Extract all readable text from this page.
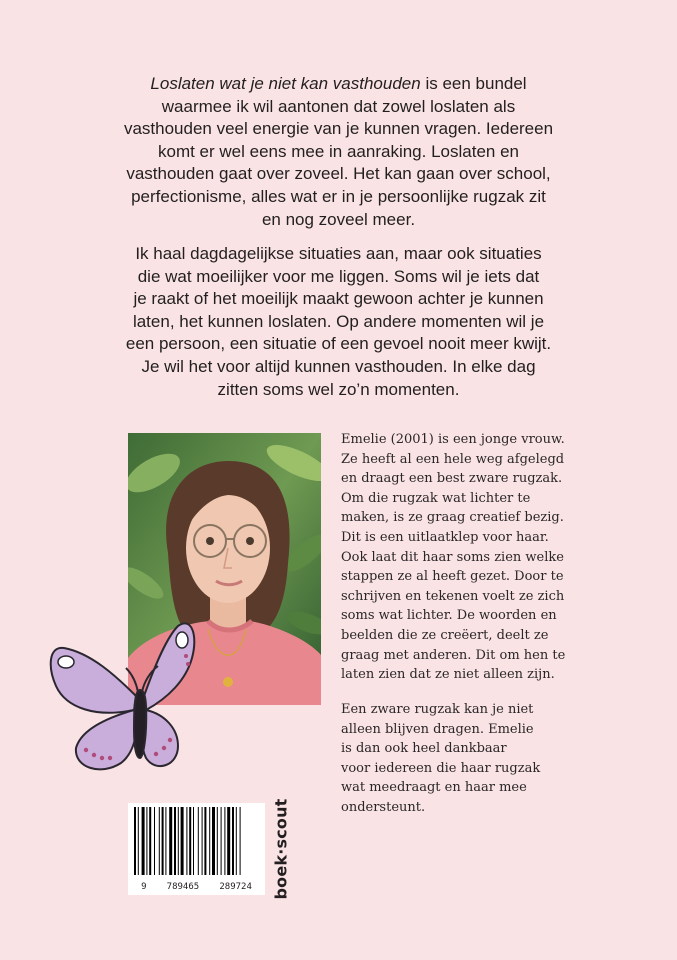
Loslaten wat je niet kan vasthouden is een bundel
waarmee ik wil aantonen dat zowel loslaten als
vasthouden veel energie van je kunnen vragen. Iedereen
komt er wel eens mee in aanraking. Loslaten en
vasthouden gaat over zoveel. Het kan gaan over school,
perfectionisme, alles wat er in je persoonlijke rugzak zit
en nog zoveel meer.

Ik haal dagdagelijkse situaties aan, maar ook situaties
die wat moeilijker voor me liggen. Soms wil je iets dat
je raakt of het moeilijk maakt gewoon achter je kunnen
laten, het kunnen loslaten. Op andere momenten wil je
een persoon, een situatie of een gevoel nooit meer kwijt.
Je wil het voor altijd kunnen vasthouden. In elke dag
zitten soms wel zo’n momenten.

Emelie (2001) is een jonge vrouw.
Ze heeft al een hele weg afgelegd
en draagt een best zware rugzak.
Om die rugzak wat lichter te
maken, is ze graag creatief bezig.
Dit is een uitlaatklep voor haar.
Ook laat dit haar soms zien welke
stappen ze al heeft gezet. Door te
schrijven en tekenen voelt ze zich
soms wat lichter. De woorden en
beelden die ze creëert, deelt ze
graag met anderen. Dit om hen te
laten zien dat ze niet alleen zijn.

Een zware rugzak kan je niet
alleen blijven dragen. Emelie
is dan ook heel dankbaar
voor iedereen die haar rugzak
wat meedraagt en haar mee
ondersteunt.

9 789465 289724 boek·scout
